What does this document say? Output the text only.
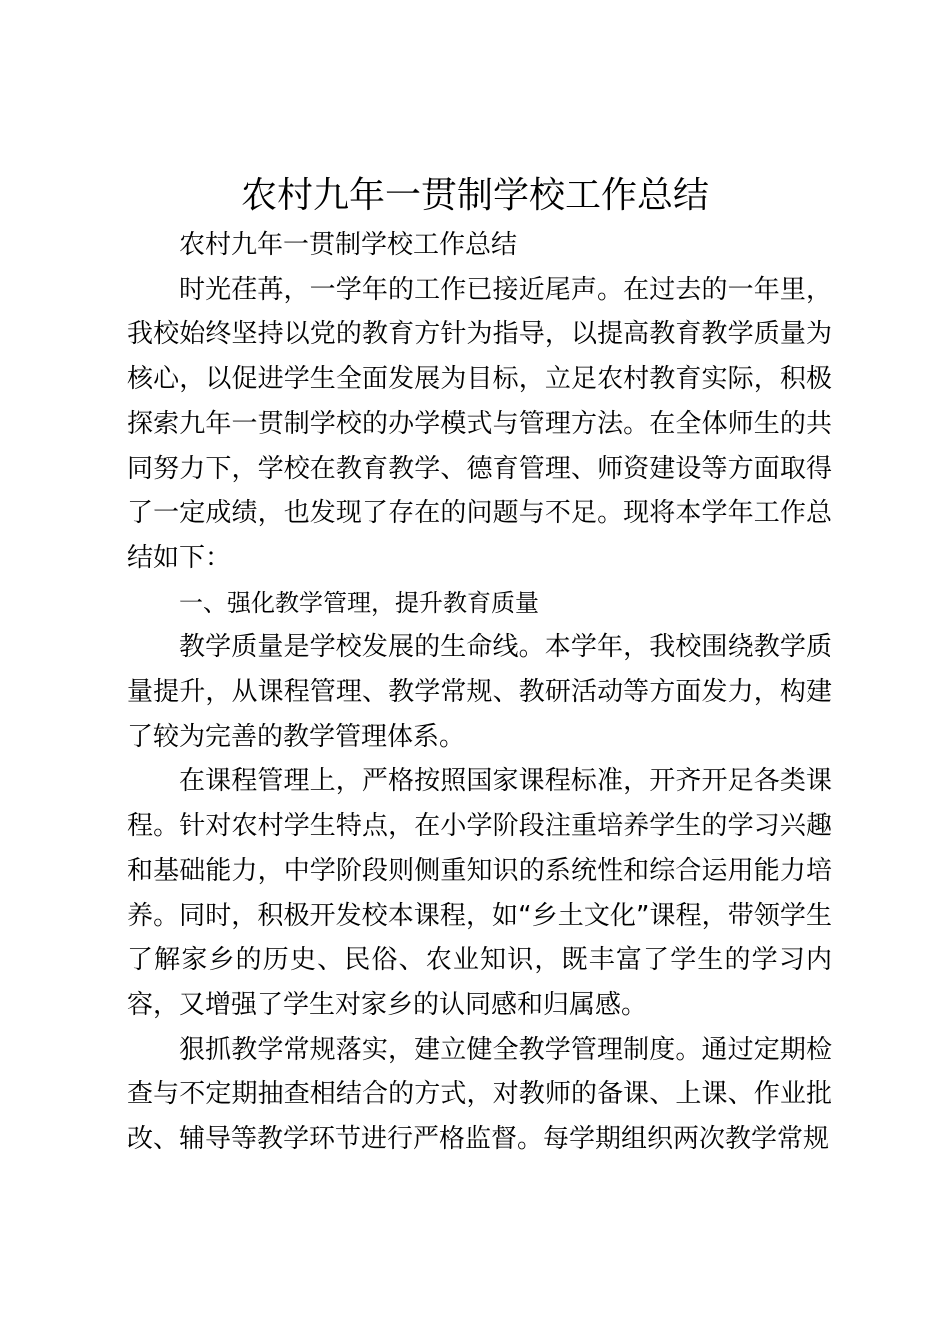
农村九年一贯制学校工作总结

农村九年一贯制学校工作总结

时光荏苒，一学年的工作已接近尾声。在过去的一年里，我校始终坚持以党的教育方针为指导，以提高教育教学质量为核心，以促进学生全面发展为目标，立足农村教育实际，积极探索九年一贯制学校的办学模式与管理方法。在全体师生的共同努力下，学校在教育教学、德育管理、师资建设等方面取得了一定成绩，也发现了存在的问题与不足。现将本学年工作总结如下：

一、强化教学管理，提升教育质量

教学质量是学校发展的生命线。本学年，我校围绕教学质量提升，从课程管理、教学常规、教研活动等方面发力，构建了较为完善的教学管理体系。

在课程管理上，严格按照国家课程标准，开齐开足各类课程。针对农村学生特点，在小学阶段注重培养学生的学习兴趣和基础能力，中学阶段则侧重知识的系统性和综合运用能力培养。同时，积极开发校本课程，如“乡土文化”课程，带领学生了解家乡的历史、民俗、农业知识，既丰富了学生的学习内容，又增强了学生对家乡的认同感和归属感。

狠抓教学常规落实，建立健全教学管理制度。通过定期检查与不定期抽查相结合的方式，对教师的备课、上课、作业批改、辅导等教学环节进行严格监督。每学期组织两次教学常规
